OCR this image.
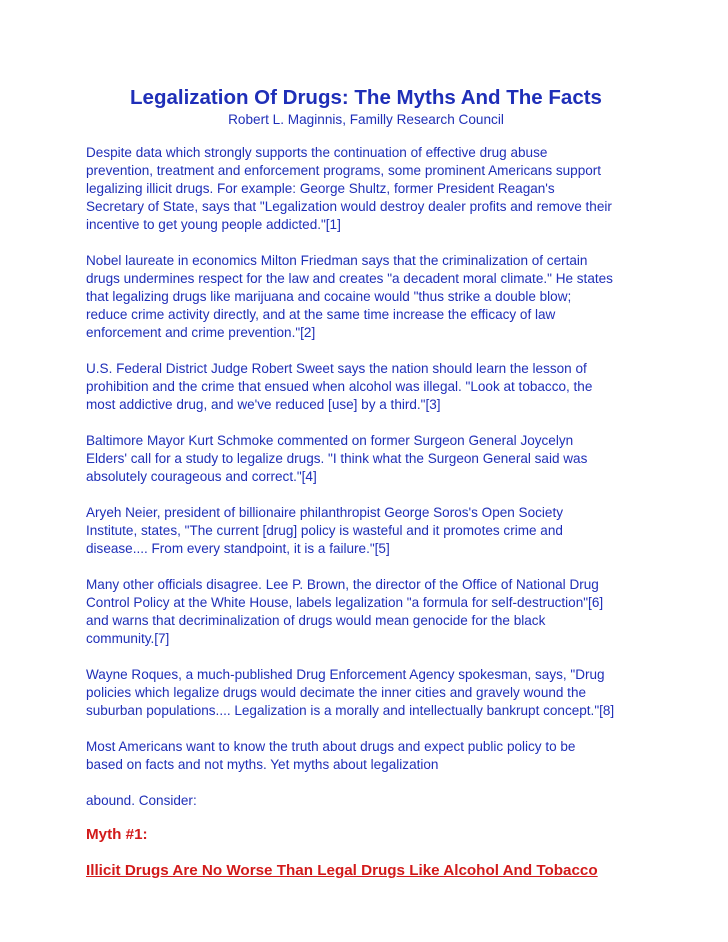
Legalization Of Drugs: The Myths And The Facts

Robert L. Maginnis, Familly Research Council

Despite data which strongly supports the continuation of effective drug abuse
prevention, treatment and enforcement programs, some prominent Americans support
legalizing illicit drugs. For example: George Shultz, former President Reagan's
Secretary of State, says that "Legalization would destroy dealer profits and remove their
incentive to get young people addicted."[1]

Nobel laureate in economics Milton Friedman says that the criminalization of certain
drugs undermines respect for the law and creates "a decadent moral climate." He states
that legalizing drugs like marijuana and cocaine would "thus strike a double blow;
reduce crime activity directly, and at the same time increase the efficacy of law
enforcement and crime prevention."[2]

U.S. Federal District Judge Robert Sweet says the nation should learn the lesson of
prohibition and the crime that ensued when alcohol was illegal. "Look at tobacco, the
most addictive drug, and we've reduced [use] by a third."[3]

Baltimore Mayor Kurt Schmoke commented on former Surgeon General Joycelyn
Elders' call for a study to legalize drugs. "I think what the Surgeon General said was
absolutely courageous and correct."[4]

Aryeh Neier, president of billionaire philanthropist George Soros's Open Society
Institute, states, "The current [drug] policy is wasteful and it promotes crime and
disease.... From every standpoint, it is a failure."[5]

Many other officials disagree. Lee P. Brown, the director of the Office of National Drug
Control Policy at the White House, labels legalization "a formula for self-destruction"[6]
and warns that decriminalization of drugs would mean genocide for the black
community.[7]

Wayne Roques, a much-published Drug Enforcement Agency spokesman, says, "Drug
policies which legalize drugs would decimate the inner cities and gravely wound the
suburban populations.... Legalization is a morally and intellectually bankrupt concept."[8]

Most Americans want to know the truth about drugs and expect public policy to be
based on facts and not myths. Yet myths about legalization

abound. Consider:

Myth #1:
Illicit Drugs Are No Worse Than Legal Drugs Like Alcohol And Tobacco
